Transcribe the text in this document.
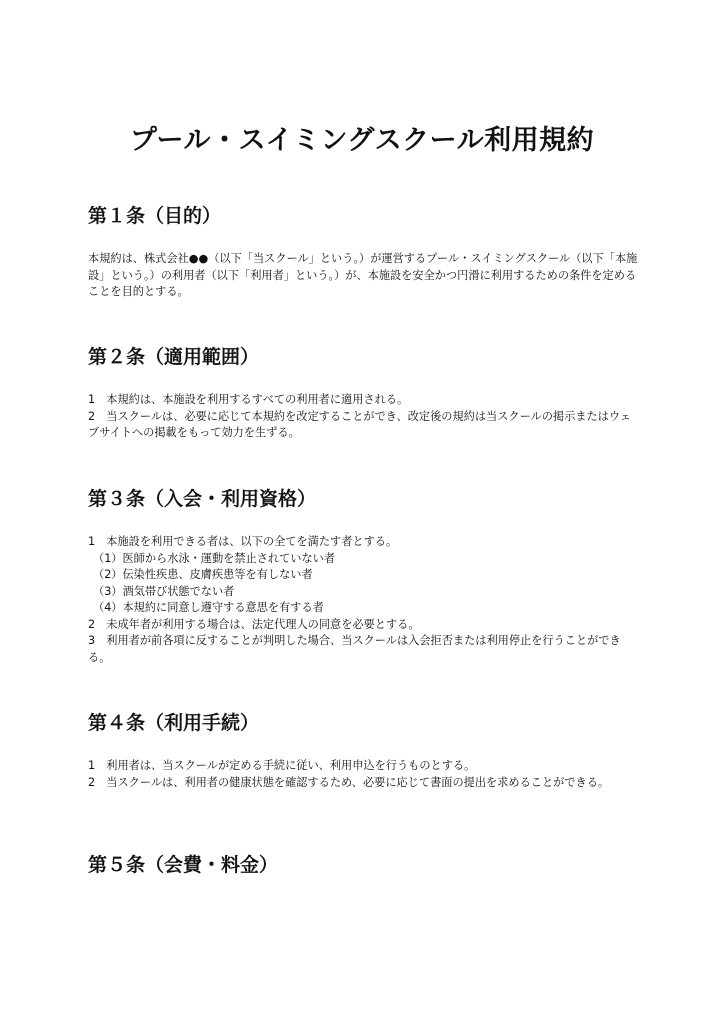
プール・スイミングスクール利用規約
第１条（目的）

本規約は、株式会社●●（以下「当スクール」という。）が運営するプール・スイミングスクール（以下「本施設」という。）の利用者（以下「利用者」という。）が、本施設を安全かつ円滑に利用するための条件を定めることを目的とする。

第２条（適用範囲）

1　本規約は、本施設を利用するすべての利用者に適用される。

2　当スクールは、必要に応じて本規約を改定することができ、改定後の規約は当スクールの掲示またはウェブサイトへの掲載をもって効力を生ずる。

第３条（入会・利用資格）

1　本施設を利用できる者は、以下の全てを満たす者とする。

（1）医師から水泳・運動を禁止されていない者

（2）伝染性疾患、皮膚疾患等を有しない者

（3）酒気帯び状態でない者

（4）本規約に同意し遵守する意思を有する者

2　未成年者が利用する場合は、法定代理人の同意を必要とする。

3　利用者が前各項に反することが判明した場合、当スクールは入会拒否または利用停止を行うことができる。

第４条（利用手続）

1　利用者は、当スクールが定める手続に従い、利用申込を行うものとする。

2　当スクールは、利用者の健康状態を確認するため、必要に応じて書面の提出を求めることができる。

第５条（会費・料金）
